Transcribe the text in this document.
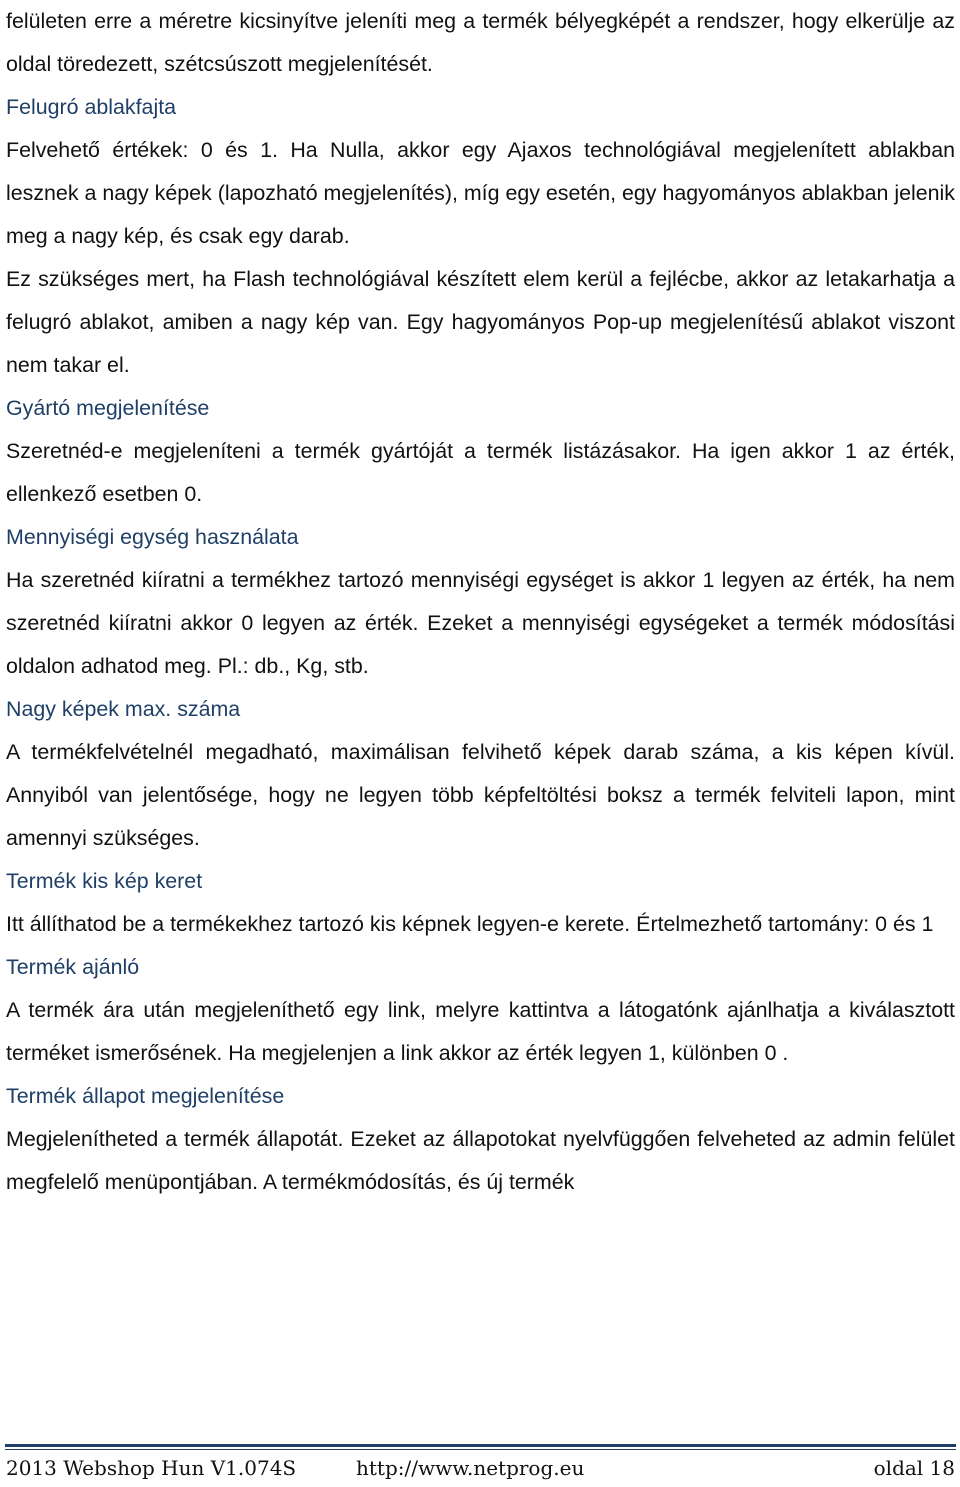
felületen erre a méretre kicsinyítve jeleníti meg a termék bélyegképét a rendszer, hogy elkerülje az oldal töredezett, szétcsúszott megjelenítését.

Felugró ablakfajta

Felvehető értékek: 0 és 1. Ha Nulla, akkor egy Ajaxos technológiával megjelenített ablakban lesznek a nagy képek (lapozható megjelenítés), míg egy esetén, egy hagyományos ablakban jelenik meg a nagy kép, és csak egy darab.

Ez szükséges mert, ha Flash technológiával készített elem kerül a fejlécbe, akkor az letakarhatja a felugró ablakot, amiben a nagy kép van. Egy hagyományos Pop-up megjelenítésű ablakot viszont nem takar el.

Gyártó megjelenítése

Szeretnéd-e megjeleníteni a termék gyártóját a termék listázásakor. Ha igen akkor 1 az érték, ellenkező esetben 0.

Mennyiségi egység használata

Ha szeretnéd kiíratni a termékhez tartozó mennyiségi egységet is akkor 1 legyen az érték, ha nem szeretnéd kiíratni akkor 0 legyen az érték. Ezeket a mennyiségi egységeket a termék módosítási oldalon adhatod meg. Pl.: db., Kg, stb.

Nagy képek max. száma

A termékfelvételnél megadható, maximálisan felvihető képek darab száma, a kis képen kívül. Annyiból van jelentősége, hogy ne legyen több képfeltöltési boksz a termék felviteli lapon, mint amennyi szükséges.

Termék kis kép keret

Itt állíthatod be a termékekhez tartozó kis képnek legyen-e kerete. Értelmezhető tartomány: 0 és 1

Termék ajánló

A termék ára után megjeleníthető egy link, melyre kattintva a látogatónk ajánlhatja a kiválasztott terméket ismerősének. Ha megjelenjen a link akkor az érték legyen 1, különben 0 .

Termék állapot megjelenítése

Megjelenítheted a termék állapotát. Ezeket az állapotokat nyelvfüggően felveheted az admin felület megfelelő menüpontjában. A termékmódosítás, és új termék

2013 Webshop Hun V1.074S	http://www.netprog.eu	oldal 18
